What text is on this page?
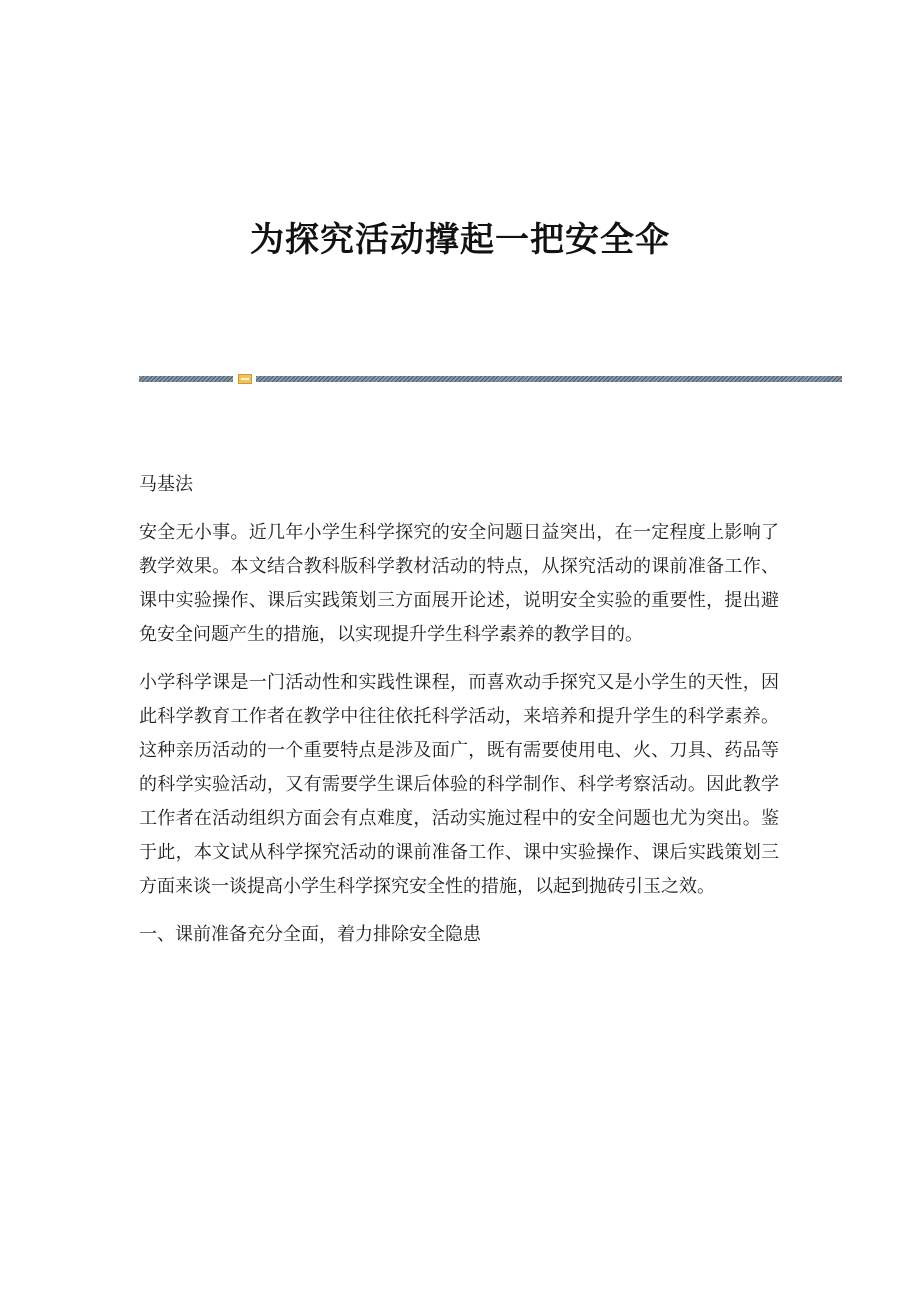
为探究活动撑起一把安全伞

马基法

安全无小事。近几年小学生科学探究的安全问题日益突出，在一定程度上影响了教学效果。本文结合教科版科学教材活动的特点，从探究活动的课前准备工作、课中实验操作、课后实践策划三方面展开论述，说明安全实验的重要性，提出避免安全问题产生的措施，以实现提升学生科学素养的教学目的。

小学科学课是一门活动性和实践性课程，而喜欢动手探究又是小学生的天性，因此科学教育工作者在教学中往往依托科学活动，来培养和提升学生的科学素养。这种亲历活动的一个重要特点是涉及面广，既有需要使用电、火、刀具、药品等的科学实验活动，又有需要学生课后体验的科学制作、科学考察活动。因此教学工作者在活动组织方面会有点难度，活动实施过程中的安全问题也尤为突出。鉴于此，本文试从科学探究活动的课前准备工作、课中实验操作、课后实践策划三方面来谈一谈提高小学生科学探究安全性的措施，以起到抛砖引玉之效。

一、课前准备充分全面，着力排除安全隐患
